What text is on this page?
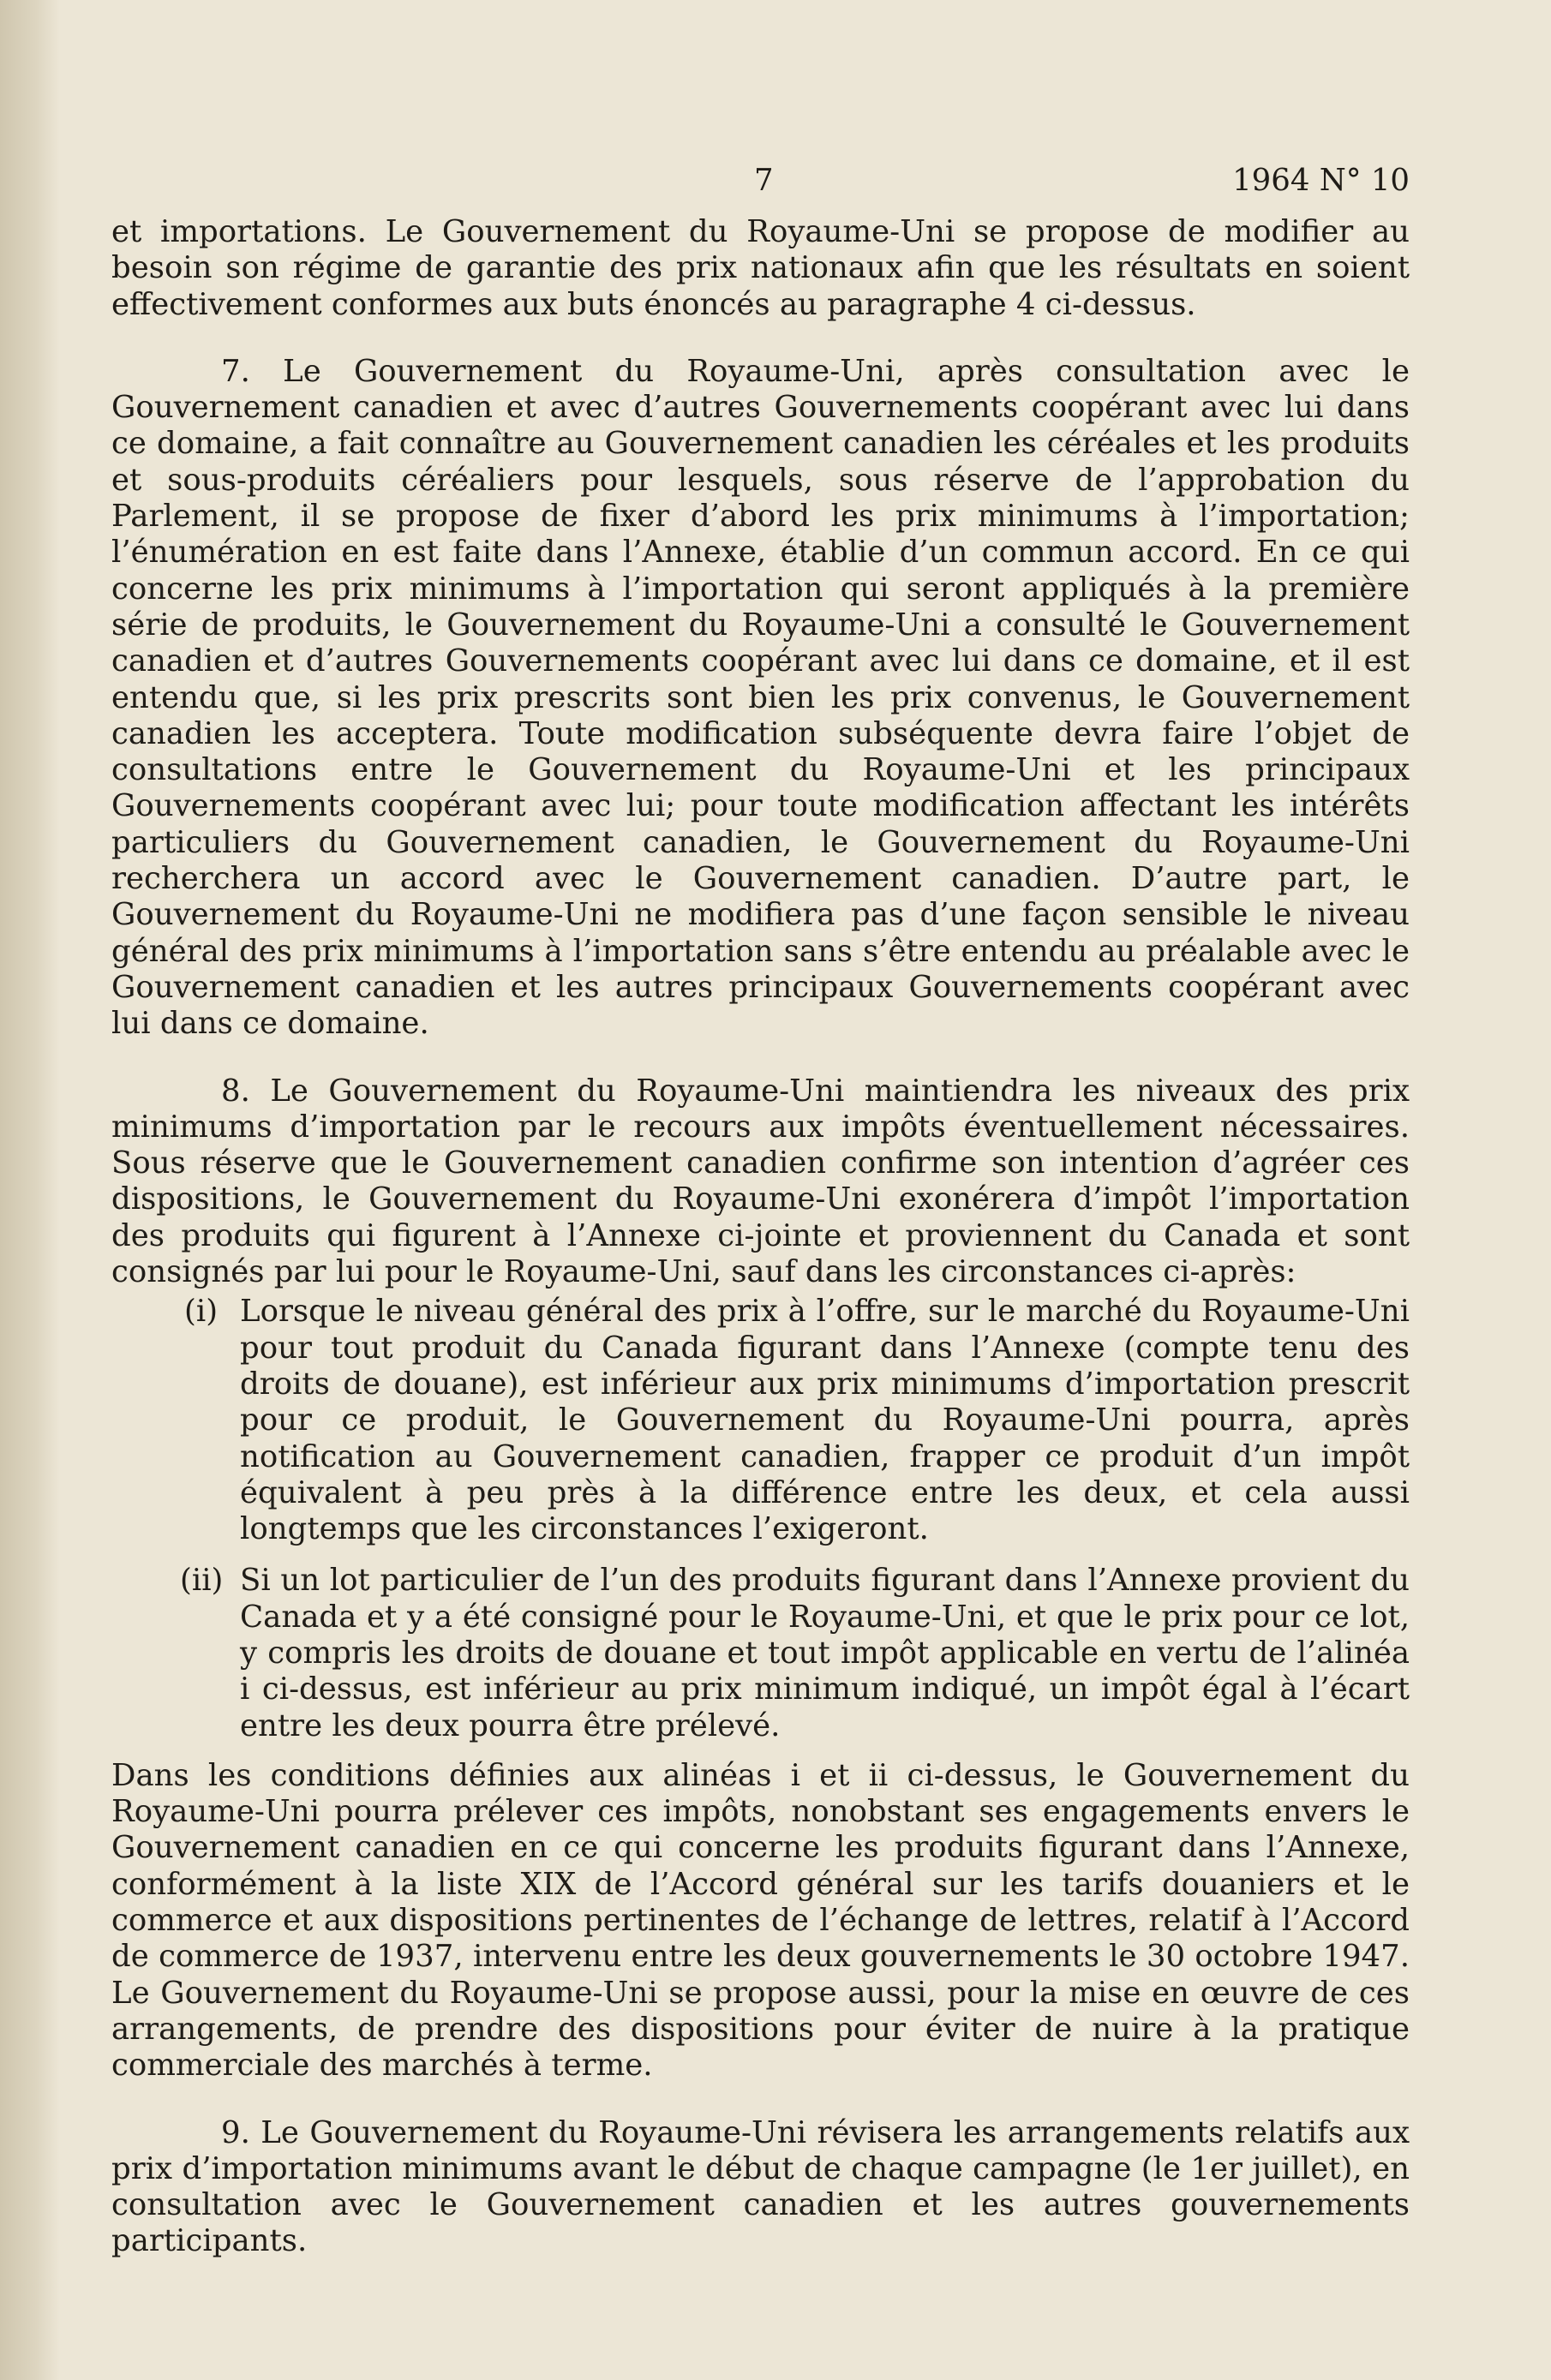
7	1964 N° 10

et importations. Le Gouvernement du Royaume-Uni se propose de modifier au besoin son régime de garantie des prix nationaux afin que les résultats en soient effectivement conformes aux buts énoncés au paragraphe 4 ci-dessus.

7. Le Gouvernement du Royaume-Uni, après consultation avec le Gouvernement canadien et avec d’autres Gouvernements coopérant avec lui dans ce domaine, a fait connaître au Gouvernement canadien les céréales et les produits et sous-produits céréaliers pour lesquels, sous réserve de l’approbation du Parlement, il se propose de fixer d’abord les prix minimums à l’importation; l’énumération en est faite dans l’Annexe, établie d’un commun accord. En ce qui concerne les prix minimums à l’importation qui seront appliqués à la première série de produits, le Gouvernement du Royaume-Uni a consulté le Gouvernement canadien et d’autres Gouvernements coopérant avec lui dans ce domaine, et il est entendu que, si les prix prescrits sont bien les prix convenus, le Gouvernement canadien les acceptera. Toute modification subséquente devra faire l’objet de consultations entre le Gouvernement du Royaume-Uni et les principaux Gouvernements coopérant avec lui; pour toute modification affectant les intérêts particuliers du Gouvernement canadien, le Gouvernement du Royaume-Uni recherchera un accord avec le Gouvernement canadien. D’autre part, le Gouvernement du Royaume-Uni ne modifiera pas d’une façon sensible le niveau général des prix minimums à l’importation sans s’être entendu au préalable avec le Gouvernement canadien et les autres principaux Gouvernements coopérant avec lui dans ce domaine.

8. Le Gouvernement du Royaume-Uni maintiendra les niveaux des prix minimums d’importation par le recours aux impôts éventuellement nécessaires. Sous réserve que le Gouvernement canadien confirme son intention d’agréer ces dispositions, le Gouvernement du Royaume-Uni exonérera d’impôt l’importation des produits qui figurent à l’Annexe ci-jointe et proviennent du Canada et sont consignés par lui pour le Royaume-Uni, sauf dans les circonstances ci-après:

(i) Lorsque le niveau général des prix à l’offre, sur le marché du Royaume-Uni pour tout produit du Canada figurant dans l’Annexe (compte tenu des droits de douane), est inférieur aux prix minimums d’importation prescrit pour ce produit, le Gouvernement du Royaume-Uni pourra, après notification au Gouvernement canadien, frapper ce produit d’un impôt équivalent à peu près à la différence entre les deux, et cela aussi longtemps que les circonstances l’exigeront.
(ii) Si un lot particulier de l’un des produits figurant dans l’Annexe provient du Canada et y a été consigné pour le Royaume-Uni, et que le prix pour ce lot, y compris les droits de douane et tout impôt applicable en vertu de l’alinéa i ci-dessus, est inférieur au prix minimum indiqué, un impôt égal à l’écart entre les deux pourra être prélevé.

Dans les conditions définies aux alinéas i et ii ci-dessus, le Gouvernement du Royaume-Uni pourra prélever ces impôts, nonobstant ses engagements envers le Gouvernement canadien en ce qui concerne les produits figurant dans l’Annexe, conformément à la liste XIX de l’Accord général sur les tarifs douaniers et le commerce et aux dispositions pertinentes de l’échange de lettres, relatif à l’Accord de commerce de 1937, intervenu entre les deux gouvernements le 30 octobre 1947. Le Gouvernement du Royaume-Uni se propose aussi, pour la mise en œuvre de ces arrangements, de prendre des dispositions pour éviter de nuire à la pratique commerciale des marchés à terme.

9. Le Gouvernement du Royaume-Uni révisera les arrangements relatifs aux prix d’importation minimums avant le début de chaque campagne (le 1er juillet), en consultation avec le Gouvernement canadien et les autres gouvernements participants.
